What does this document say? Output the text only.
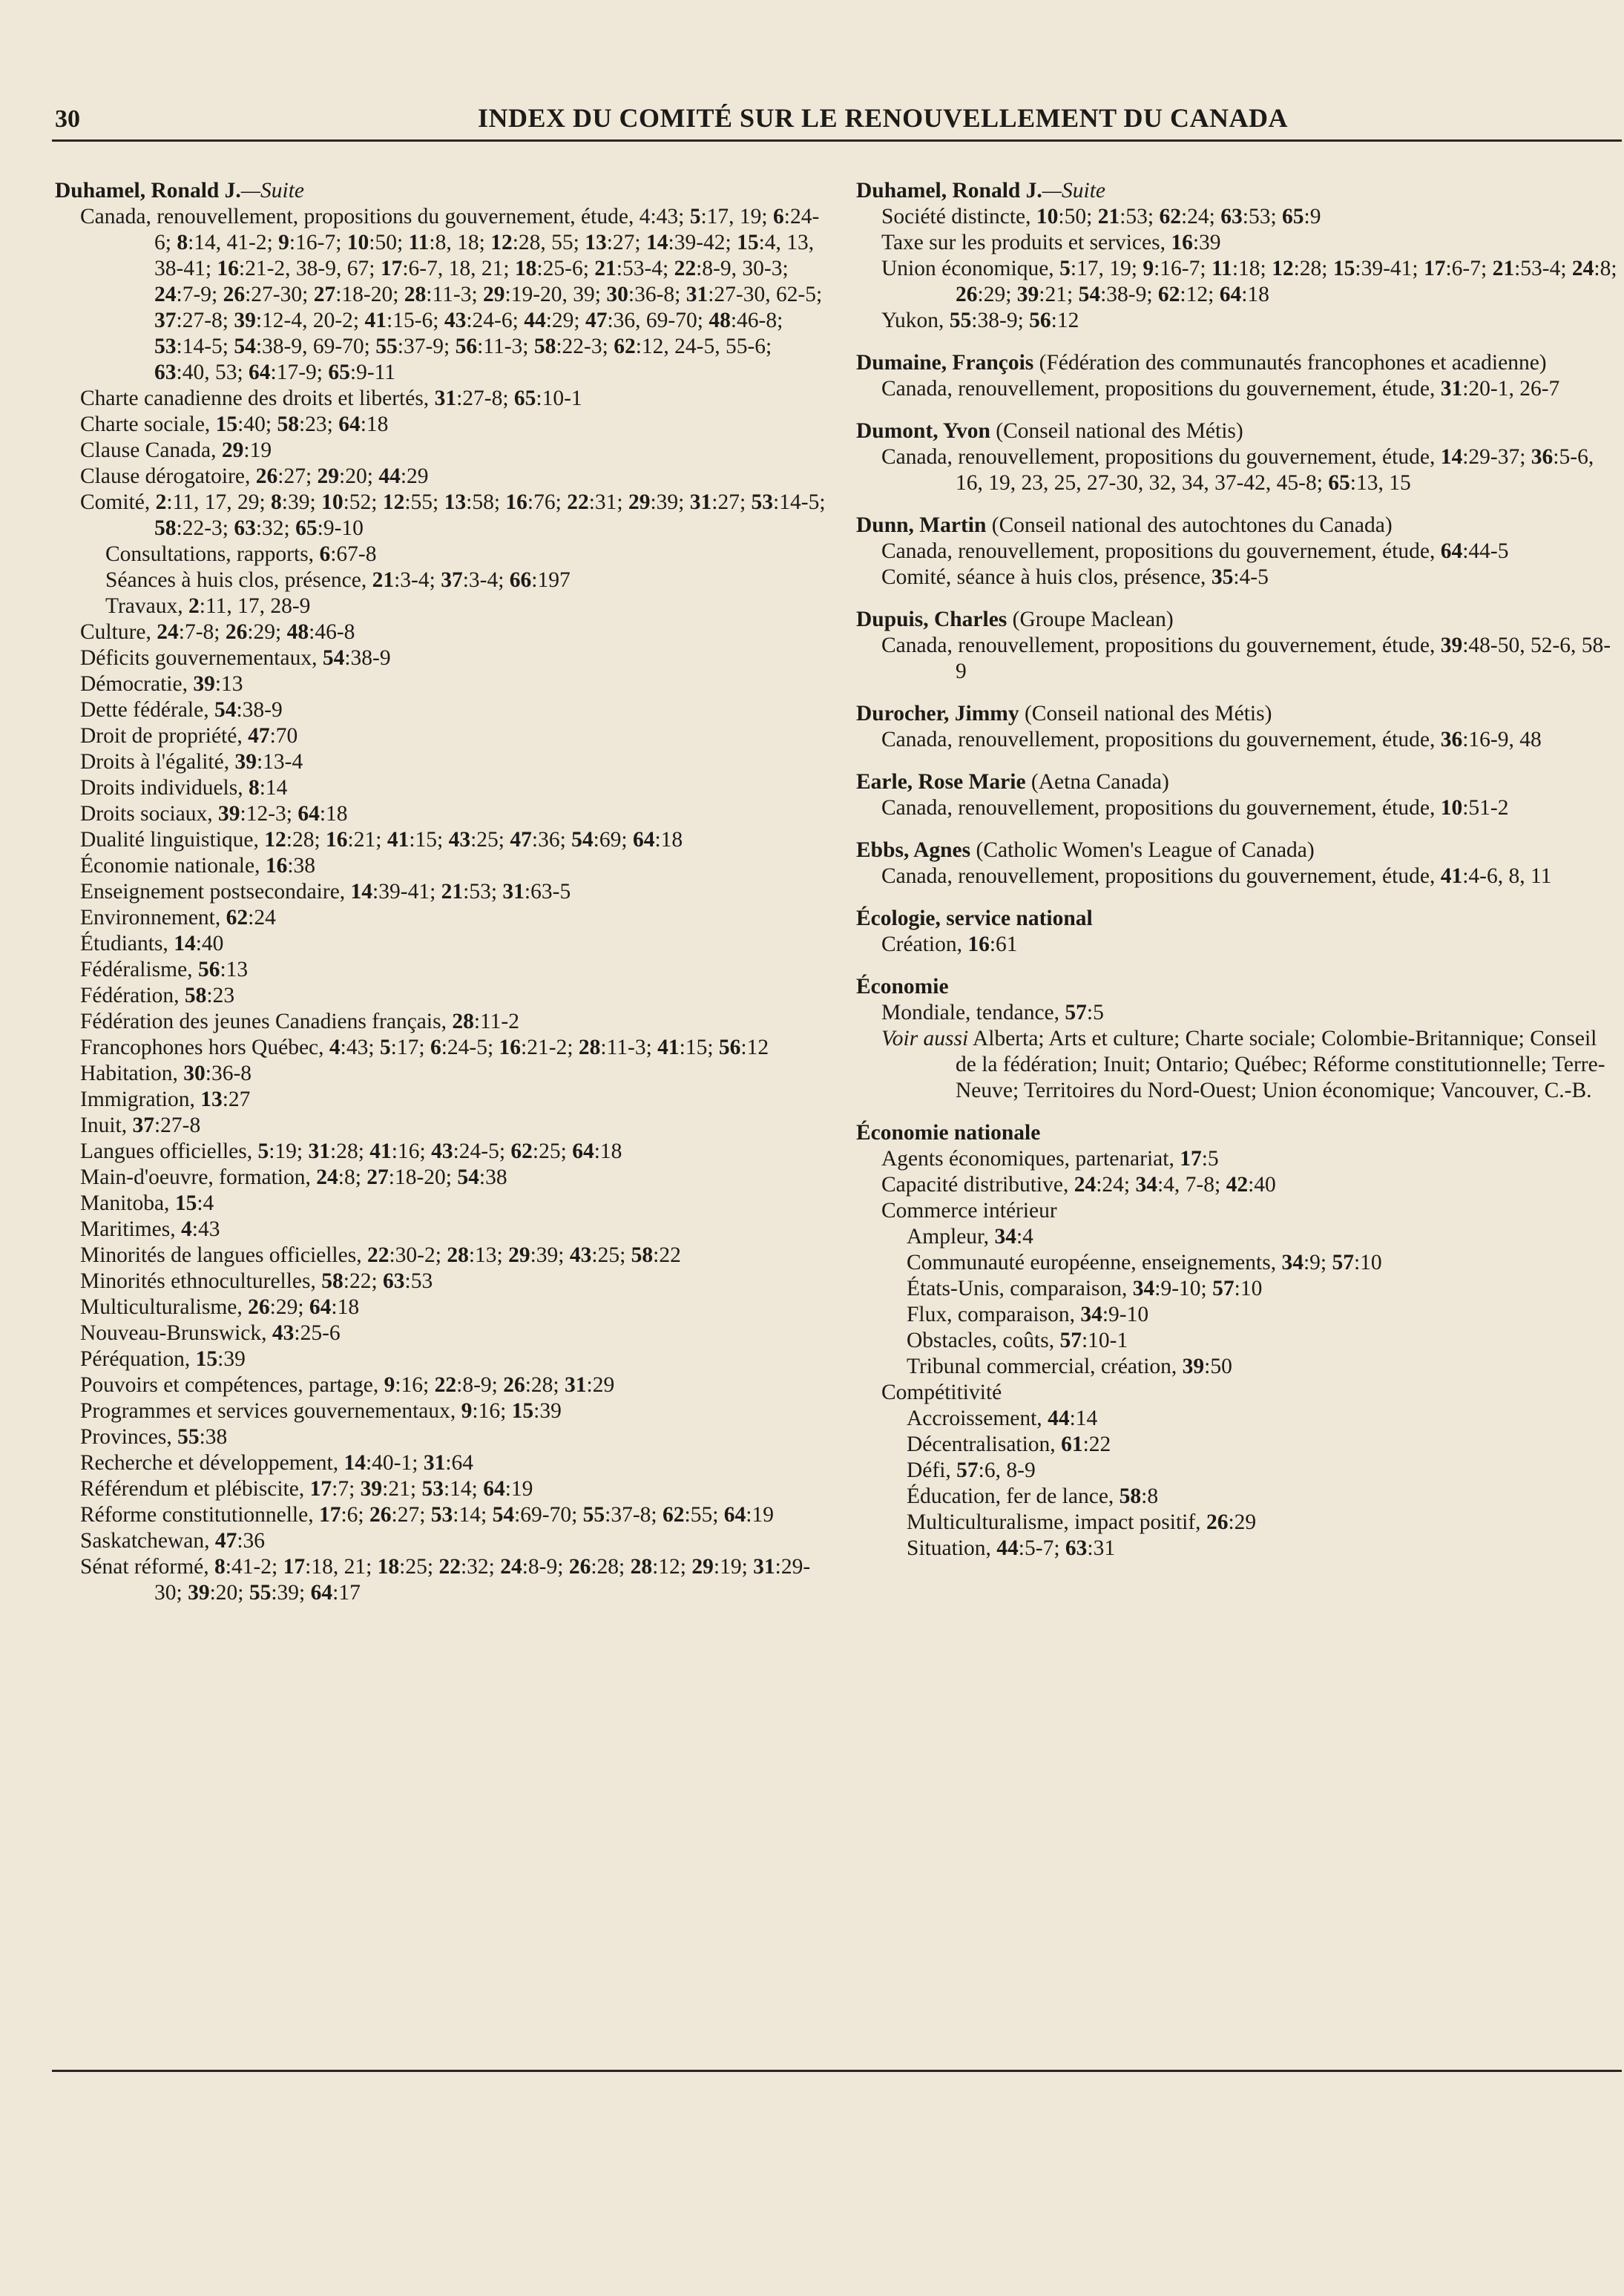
30	INDEX DU COMITÉ SUR LE RENOUVELLEMENT DU CANADA
Duhamel, Ronald J.—Suite
Canada, renouvellement, propositions du gouvernement, étude, 4:43; 5:17, 19; 6:24-6; 8:14, 41-2; 9:16-7; 10:50; 11:8, 18; 12:28, 55; 13:27; 14:39-42; 15:4, 13, 38-41; 16:21-2, 38-9, 67; 17:6-7, 18, 21; 18:25-6; 21:53-4; 22:8-9, 30-3; 24:7-9; 26:27-30; 27:18-20; 28:11-3; 29:19-20, 39; 30:36-8; 31:27-30, 62-5; 37:27-8; 39:12-4, 20-2; 41:15-6; 43:24-6; 44:29; 47:36, 69-70; 48:46-8; 53:14-5; 54:38-9, 69-70; 55:37-9; 56:11-3; 58:22-3; 62:12, 24-5, 55-6; 63:40, 53; 64:17-9; 65:9-11
Charte canadienne des droits et libertés, 31:27-8; 65:10-1
Charte sociale, 15:40; 58:23; 64:18
Clause Canada, 29:19
Clause dérogatoire, 26:27; 29:20; 44:29
Comité, 2:11, 17, 29; 8:39; 10:52; 12:55; 13:58; 16:76; 22:31; 29:39; 31:27; 53:14-5; 58:22-3; 63:32; 65:9-10
Consultations, rapports, 6:67-8
Séances à huis clos, présence, 21:3-4; 37:3-4; 66:197
Travaux, 2:11, 17, 28-9
Culture, 24:7-8; 26:29; 48:46-8
Déficits gouvernementaux, 54:38-9
Démocratie, 39:13
Dette fédérale, 54:38-9
Droit de propriété, 47:70
Droits à l'égalité, 39:13-4
Droits individuels, 8:14
Droits sociaux, 39:12-3; 64:18
Dualité linguistique, 12:28; 16:21; 41:15; 43:25; 47:36; 54:69; 64:18
Économie nationale, 16:38
Enseignement postsecondaire, 14:39-41; 21:53; 31:63-5
Environnement, 62:24
Étudiants, 14:40
Fédéralisme, 56:13
Fédération, 58:23
Fédération des jeunes Canadiens français, 28:11-2
Francophones hors Québec, 4:43; 5:17; 6:24-5; 16:21-2; 28:11-3; 41:15; 56:12
Habitation, 30:36-8
Immigration, 13:27
Inuit, 37:27-8
Langues officielles, 5:19; 31:28; 41:16; 43:24-5; 62:25; 64:18
Main-d'oeuvre, formation, 24:8; 27:18-20; 54:38
Manitoba, 15:4
Maritimes, 4:43
Minorités de langues officielles, 22:30-2; 28:13; 29:39; 43:25; 58:22
Minorités ethnoculturelles, 58:22; 63:53
Multiculturalisme, 26:29; 64:18
Nouveau-Brunswick, 43:25-6
Péréquation, 15:39
Pouvoirs et compétences, partage, 9:16; 22:8-9; 26:28; 31:29
Programmes et services gouvernementaux, 9:16; 15:39
Provinces, 55:38
Recherche et développement, 14:40-1; 31:64
Référendum et plébiscite, 17:7; 39:21; 53:14; 64:19
Réforme constitutionnelle, 17:6; 26:27; 53:14; 54:69-70; 55:37-8; 62:55; 64:19
Saskatchewan, 47:36
Sénat réformé, 8:41-2; 17:18, 21; 18:25; 22:32; 24:8-9; 26:28; 28:12; 29:19; 31:29-30; 39:20; 55:39; 64:17
Duhamel, Ronald J.—Suite
Société distincte, 10:50; 21:53; 62:24; 63:53; 65:9
Taxe sur les produits et services, 16:39
Union économique, 5:17, 19; 9:16-7; 11:18; 12:28; 15:39-41; 17:6-7; 21:53-4; 24:8; 26:29; 39:21; 54:38-9; 62:12; 64:18
Yukon, 55:38-9; 56:12
Dumaine, François (Fédération des communautés francophones et acadienne)
Canada, renouvellement, propositions du gouvernement, étude, 31:20-1, 26-7
Dumont, Yvon (Conseil national des Métis)
Canada, renouvellement, propositions du gouvernement, étude, 14:29-37; 36:5-6, 16, 19, 23, 25, 27-30, 32, 34, 37-42, 45-8; 65:13, 15
Dunn, Martin (Conseil national des autochtones du Canada)
Canada, renouvellement, propositions du gouvernement, étude, 64:44-5
Comité, séance à huis clos, présence, 35:4-5
Dupuis, Charles (Groupe Maclean)
Canada, renouvellement, propositions du gouvernement, étude, 39:48-50, 52-6, 58-9
Durocher, Jimmy (Conseil national des Métis)
Canada, renouvellement, propositions du gouvernement, étude, 36:16-9, 48
Earle, Rose Marie (Aetna Canada)
Canada, renouvellement, propositions du gouvernement, étude, 10:51-2
Ebbs, Agnes (Catholic Women's League of Canada)
Canada, renouvellement, propositions du gouvernement, étude, 41:4-6, 8, 11
Écologie, service national
Création, 16:61
Économie
Mondiale, tendance, 57:5
Voir aussi Alberta; Arts et culture; Charte sociale; Colombie-Britannique; Conseil de la fédération; Inuit; Ontario; Québec; Réforme constitutionnelle; Terre-Neuve; Territoires du Nord-Ouest; Union économique; Vancouver, C.-B.
Économie nationale
Agents économiques, partenariat, 17:5
Capacité distributive, 24:24; 34:4, 7-8; 42:40
Commerce intérieur
Ampleur, 34:4
Communauté européenne, enseignements, 34:9; 57:10
États-Unis, comparaison, 34:9-10; 57:10
Flux, comparaison, 34:9-10
Obstacles, coûts, 57:10-1
Tribunal commercial, création, 39:50
Compétitivité
Accroissement, 44:14
Décentralisation, 61:22
Défi, 57:6, 8-9
Éducation, fer de lance, 58:8
Multiculturalisme, impact positif, 26:29
Situation, 44:5-7; 63:31
